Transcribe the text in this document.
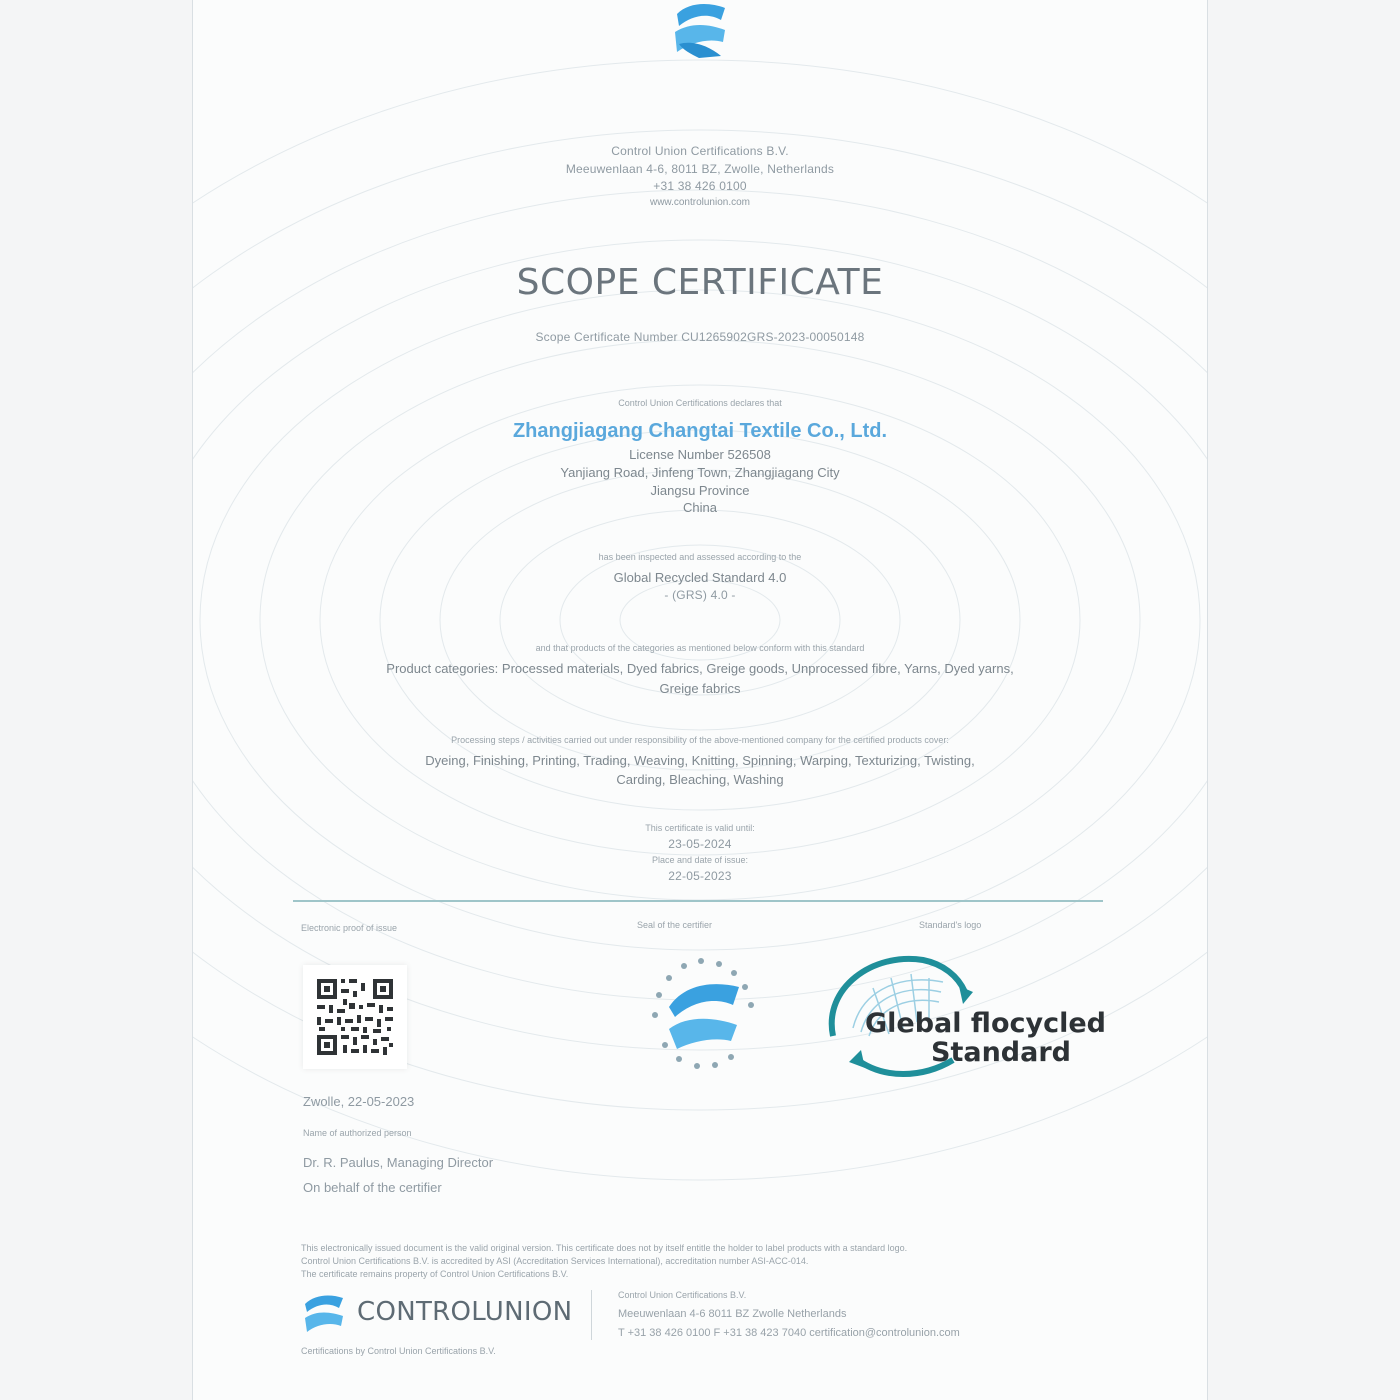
Control Union Certifications B.V.
Meeuwenlaan 4-6, 8011 BZ, Zwolle, Netherlands
+31 38 426 0100
www.controlunion.com
SCOPE CERTIFICATE
Scope Certificate Number CU1265902GRS-2023-00050148
Control Union Certifications declares that
Zhangjiagang Changtai Textile Co., Ltd.
License Number 526508
Yanjiang Road, Jinfeng Town, Zhangjiagang City
Jiangsu Province
China
has been inspected and assessed according to the
Global Recycled Standard 4.0
- (GRS) 4.0 -
and that products of the categories as mentioned below conform with this standard
Product categories: Processed materials, Dyed fabrics, Greige goods, Unprocessed fibre, Yarns, Dyed yarns,
Greige fabrics
Processing steps / activities carried out under responsibility of the above-mentioned company for the certified products cover:
Dyeing, Finishing, Printing, Trading, Weaving, Knitting, Spinning, Warping, Texturizing, Twisting,
Carding, Bleaching, Washing
This certificate is valid until:
23-05-2024
Place and date of issue:
22-05-2023
Electronic proof of issue	Seal of the certifier	Standard's logo
Glebal flocycled
Standard
Zwolle, 22-05-2023
Name of authorized person
Dr. R. Paulus, Managing Director
On behalf of the certifier
This electronically issued document is the valid original version. This certificate does not by itself entitle the holder to label products with a standard logo.
Control Union Certifications B.V. is accredited by ASI (Accreditation Services International), accreditation number ASI-ACC-014.
The certificate remains property of Control Union Certifications B.V.
CONTROLUNION
Certifications by Control Union Certifications B.V.
Control Union Certifications B.V.
Meeuwenlaan 4-6 8011 BZ Zwolle Netherlands
T +31 38 426 0100 F +31 38 423 7040 certification@controlunion.com
